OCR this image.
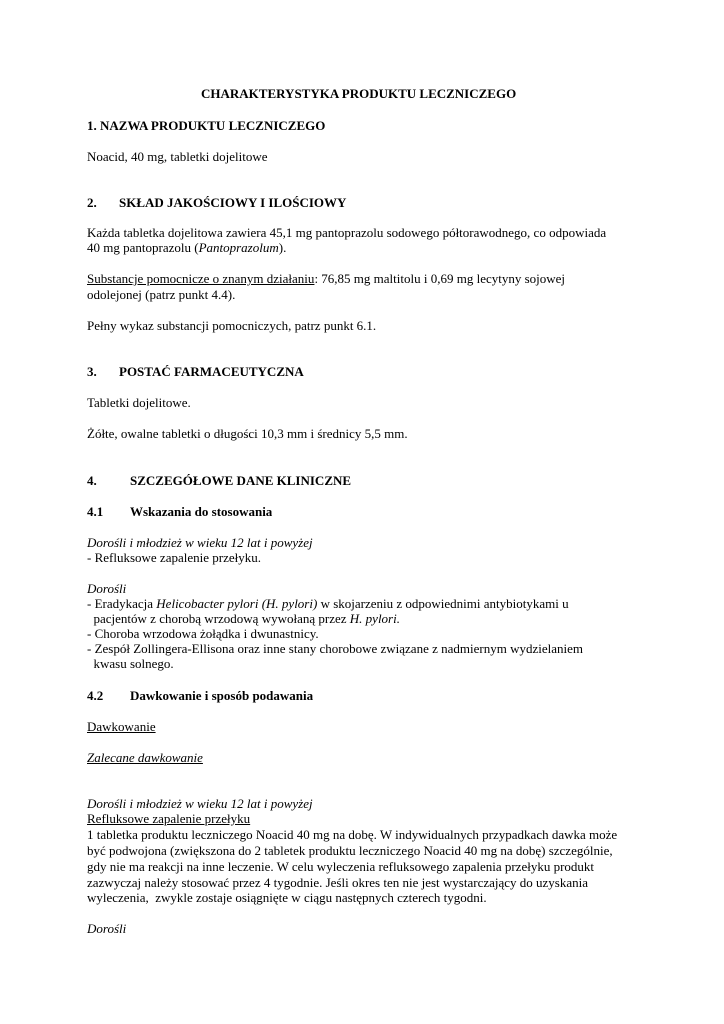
CHARAKTERYSTYKA PRODUKTU LECZNICZEGO
1. NAZWA PRODUKTU LECZNICZEGO
Noacid, 40 mg, tabletki dojelitowe
2. SKŁAD JAKOŚCIOWY I ILOŚCIOWY
Każda tabletka dojelitowa zawiera 45,1 mg pantoprazolu sodowego półtorawodnego, co odpowiada
40 mg pantoprazolu (Pantoprazolum).
Substancje pomocnicze o znanym działaniu: 76,85 mg maltitolu i 0,69 mg lecytyny sojowej
odolejonej (patrz punkt 4.4).
Pełny wykaz substancji pomocniczych, patrz punkt 6.1.
3. POSTAĆ FARMACEUTYCZNA
Tabletki dojelitowe.
Żółte, owalne tabletki o długości 10,3 mm i średnicy 5,5 mm.
4.	SZCZEGÓŁOWE DANE KLINICZNE
4.1 Wskazania do stosowania
Dorośli i młodzież w wieku 12 lat i powyżej
- Refluksowe zapalenie przełyku.
Dorośli
- Eradykacja Helicobacter pylori (H. pylori) w skojarzeniu z odpowiednimi antybiotykami u
pacjentów z chorobą wrzodową wywołaną przez H. pylori.
- Choroba wrzodowa żołądka i dwunastnicy.
- Zespół Zollingera-Ellisona oraz inne stany chorobowe związane z nadmiernym wydzielaniem
kwasu solnego.
4.2 Dawkowanie i sposób podawania
Dawkowanie
Zalecane dawkowanie
Dorośli i młodzież w wieku 12 lat i powyżej
Refluksowe zapalenie przełyku
1 tabletka produktu leczniczego Noacid 40 mg na dobę. W indywidualnych przypadkach dawka może
być podwojona (zwiększona do 2 tabletek produktu leczniczego Noacid 40 mg na dobę) szczególnie,
gdy nie ma reakcji na inne leczenie. W celu wyleczenia refluksowego zapalenia przełyku produkt
zazwyczaj należy stosować przez 4 tygodnie. Jeśli okres ten nie jest wystarczający do uzyskania
wyleczenia,  zwykle zostaje osiągnięte w ciągu następnych czterech tygodni.
Dorośli
